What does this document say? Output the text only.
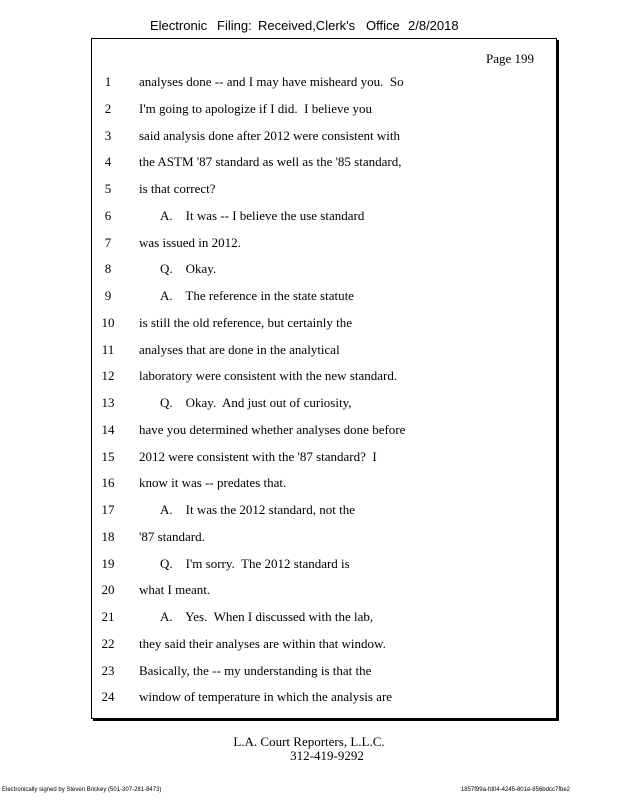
Electronic Filing: Received,Clerk's Office 2/8/2018
Page 199
1	analyses done -- and I may have misheard you.  So
2	I'm going to apologize if I did.  I believe you
3	said analysis done after 2012 were consistent with
4	the ASTM '87 standard as well as the '85 standard,
5	is that correct?
6	A.    It was -- I believe the use standard
7	was issued in 2012.
8	Q.    Okay.
9	A.    The reference in the state statute
10	is still the old reference, but certainly the
11	analyses that are done in the analytical
12	laboratory were consistent with the new standard.
13	Q.    Okay.  And just out of curiosity,
14	have you determined whether analyses done before
15	2012 were consistent with the '87 standard?  I
16	know it was -- predates that.
17	A.    It was the 2012 standard, not the
18	'87 standard.
19	Q.    I'm sorry.  The 2012 standard is
20	what I meant.
21	A.    Yes.  When I discussed with the lab,
22	they said their analyses are within that window.
23	Basically, the -- my understanding is that the
24	window of temperature in which the analysis are
L.A. Court Reporters, L.L.C.
312-419-9292
Electronically signed by Steven Brickey (501-307-281-8473)	1857f99a-fd04-4245-801e-856bdcc7fbe2
